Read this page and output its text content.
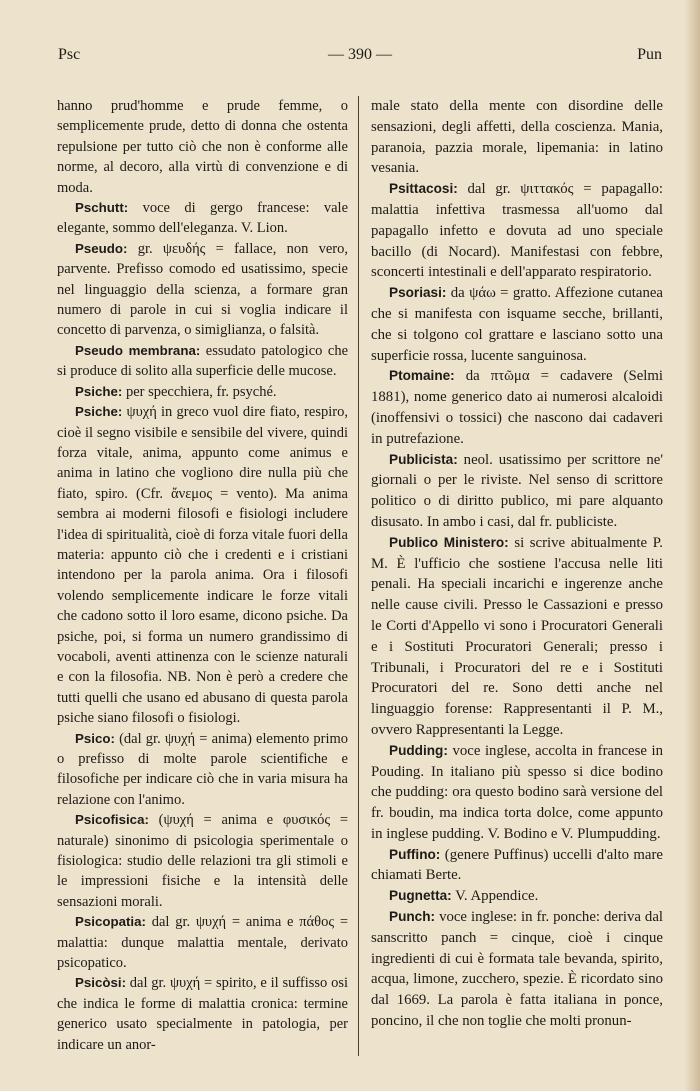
Psc	— 390 —	Pun

hanno prud'homme e prude femme, o semplicemente prude, detto di donna che ostenta repulsione per tutto ciò che non è conforme alle norme, al decoro, alla virtù di convenzione e di moda.

Pschutt: voce di gergo francese: vale elegante, sommo dell'eleganza. V. Lion.

Pseudo: gr. ψευδής = fallace, non vero, parvente. Prefisso comodo ed usatissimo, specie nel linguaggio della scienza, a formare gran numero di parole in cui si voglia indicare il concetto di parvenza, o simiglianza, o falsità.

Pseudo membrana: essudato patologico che si produce di solito alla superficie delle mucose.

Psiche: per specchiera, fr. psyché.

Psiche: ψυχή in greco vuol dire fiato, respiro, cioè il segno visibile e sensibile del vivere, quindi forza vitale, anima, appunto come animus e anima in latino che vogliono dire nulla più che fiato, spiro. (Cfr. ἄνεμος = vento). Ma anima sembra ai moderni filosofi e fisiologi includere l'idea di spiritualità, cioè di forza vitale fuori della materia: appunto ciò che i credenti e i cristiani intendono per la parola anima. Ora i filosofi volendo semplicemente indicare le forze vitali che cadono sotto il loro esame, dicono psiche. Da psiche, poi, si forma un numero grandissimo di vocaboli, aventi attinenza con le scienze naturali e con la filosofia. NB. Non è però a credere che tutti quelli che usano ed abusano di questa parola psiche siano filosofi o fisiologi.

Psico: (dal gr. ψυχή = anima) elemento primo o prefisso di molte parole scientifiche e filosofiche per indicare ciò che in varia misura ha relazione con l'animo.

Psicofisica: (ψυχή = anima e φυσικός = naturale) sinonimo di psicologia sperimentale o fisiologica: studio delle relazioni tra gli stimoli e le impressioni fisiche e la intensità delle sensazioni morali.

Psicopatia: dal gr. ψυχή = anima e πάθος = malattia: dunque malattia mentale, derivato psicopatico.

Psicòsi: dal gr. ψυχή = spirito, e il suffisso osi che indica le forme di malattia cronica: termine generico usato specialmente in patologia, per indicare un anor-

male stato della mente con disordine delle sensazioni, degli affetti, della coscienza. Mania, paranoia, pazzia morale, lipemania: in latino vesania.

Psittacosi: dal gr. ψιττακός = papagallo: malattia infettiva trasmessa all'uomo dal papagallo infetto e dovuta ad uno speciale bacillo (di Nocard). Manifestasi con febbre, sconcerti intestinali e dell'apparato respiratorio.

Psoriasi: da ψάω = gratto. Affezione cutanea che si manifesta con isquame secche, brillanti, che si tolgono col grattare e lasciano sotto una superficie rossa, lucente sanguinosa.

Ptomaine: da πτῶμα = cadavere (Selmi 1881), nome generico dato ai numerosi alcaloidi (inoffensivi o tossici) che nascono dai cadaveri in putrefazione.

Publicista: neol. usatissimo per scrittore ne' giornali o per le riviste. Nel senso di scrittore politico o di diritto publico, mi pare alquanto disusato. In ambo i casi, dal fr. publiciste.

Publico Ministero: si scrive abitualmente P. M. È l'ufficio che sostiene l'accusa nelle liti penali. Ha speciali incarichi e ingerenze anche nelle cause civili. Presso le Cassazioni e presso le Corti d'Appello vi sono i Procuratori Generali e i Sostituti Procuratori Generali; presso i Tribunali, i Procuratori del re e i Sostituti Procuratori del re. Sono detti anche nel linguaggio forense: Rappresentanti il P. M., ovvero Rappresentanti la Legge.

Pudding: voce inglese, accolta in francese in Pouding. In italiano più spesso si dice bodino che pudding: ora questo bodino sarà versione del fr. boudin, ma indica torta dolce, come appunto in inglese pudding. V. Bodino e V. Plumpudding.

Puffino: (genere Puffinus) uccelli d'alto mare chiamati Berte.

Pugnetta: V. Appendice.

Punch: voce inglese: in fr. ponche: deriva dal sanscritto panch = cinque, cioè i cinque ingredienti di cui è formata tale bevanda, spirito, acqua, limone, zucchero, spezie. È ricordato sino dal 1669. La parola è fatta italiana in ponce, poncino, il che non toglie che molti pronun-
